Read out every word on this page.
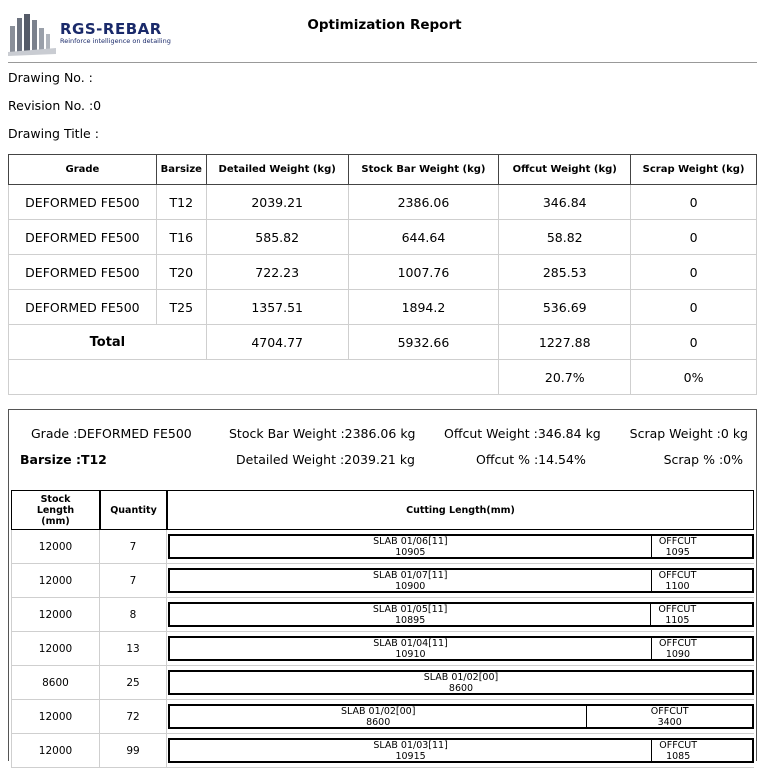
RGS-REBAR
Reinforce intelligence on detailing
Optimization Report
Drawing No. :
Revision No. :0
Drawing Title :
Grade	Barsize	Detailed Weight (kg)	Stock Bar Weight (kg)	Offcut Weight (kg)	Scrap Weight (kg)
DEFORMED FE500	T12	2039.21	2386.06	346.84	0
DEFORMED FE500	T16	585.82	644.64	58.82	0
DEFORMED FE500	T20	722.23	1007.76	285.53	0
DEFORMED FE500	T25	1357.51	1894.2	536.69	0
Total		4704.77	5932.66	1227.88	0
				20.7%	0%
Grade :DEFORMED FE500	Stock Bar Weight :2386.06 kg Offcut Weight :346.84 kg Scrap Weight :0 kg
Barsize :T12	Detailed Weight :2039.21 kg	Offcut % :14.54%	Scrap % :0%
Stock Length (mm)	Quantity	Cutting Length(mm)
12000	7	SLAB 01/06[11]
10905
OFFCUT
1095

12000	7	SLAB 01/07[11]
10900
OFFCUT
1100

12000	8	SLAB 01/05[11]
10895
OFFCUT
1105

12000	13	SLAB 01/04[11]
10910
OFFCUT
1090

8600	25	SLAB 01/02[00]
8600

12000	72	SLAB 01/02[00]
8600
OFFCUT
3400

12000	99	SLAB 01/03[11]
10915
OFFCUT
1085
